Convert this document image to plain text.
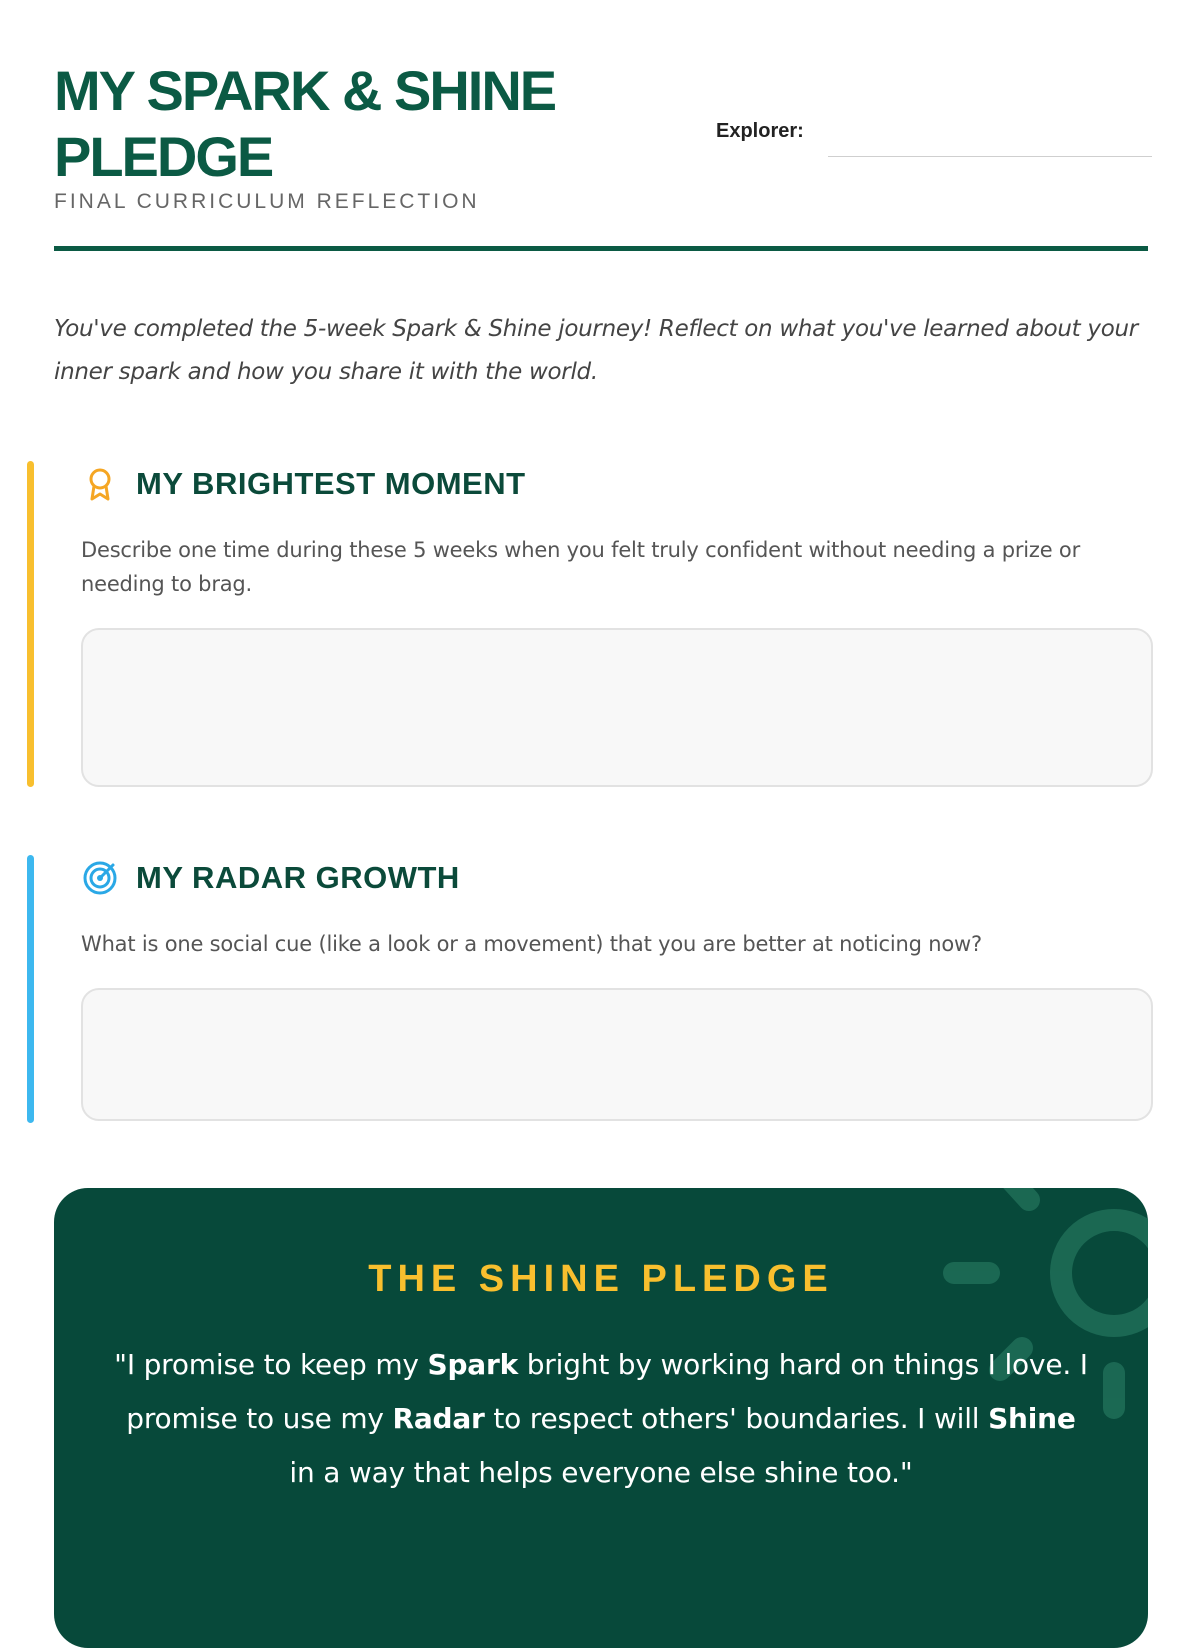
MY SPARK & SHINE PLEDGE
FINAL CURRICULUM REFLECTION
Explorer:

You've completed the 5-week Spark & Shine journey! Reflect on what you've learned about your inner spark and how you share it with the world.

MY BRIGHTEST MOMENT

Describe one time during these 5 weeks when you felt truly confident without needing a prize or needing to brag.

MY RADAR GROWTH

What is one social cue (like a look or a movement) that you are better at noticing now?

THE SHINE PLEDGE

"I promise to keep my Spark bright by working hard on things I love. I promise to use my Radar to respect others' boundaries. I will Shine in a way that helps everyone else shine too."
